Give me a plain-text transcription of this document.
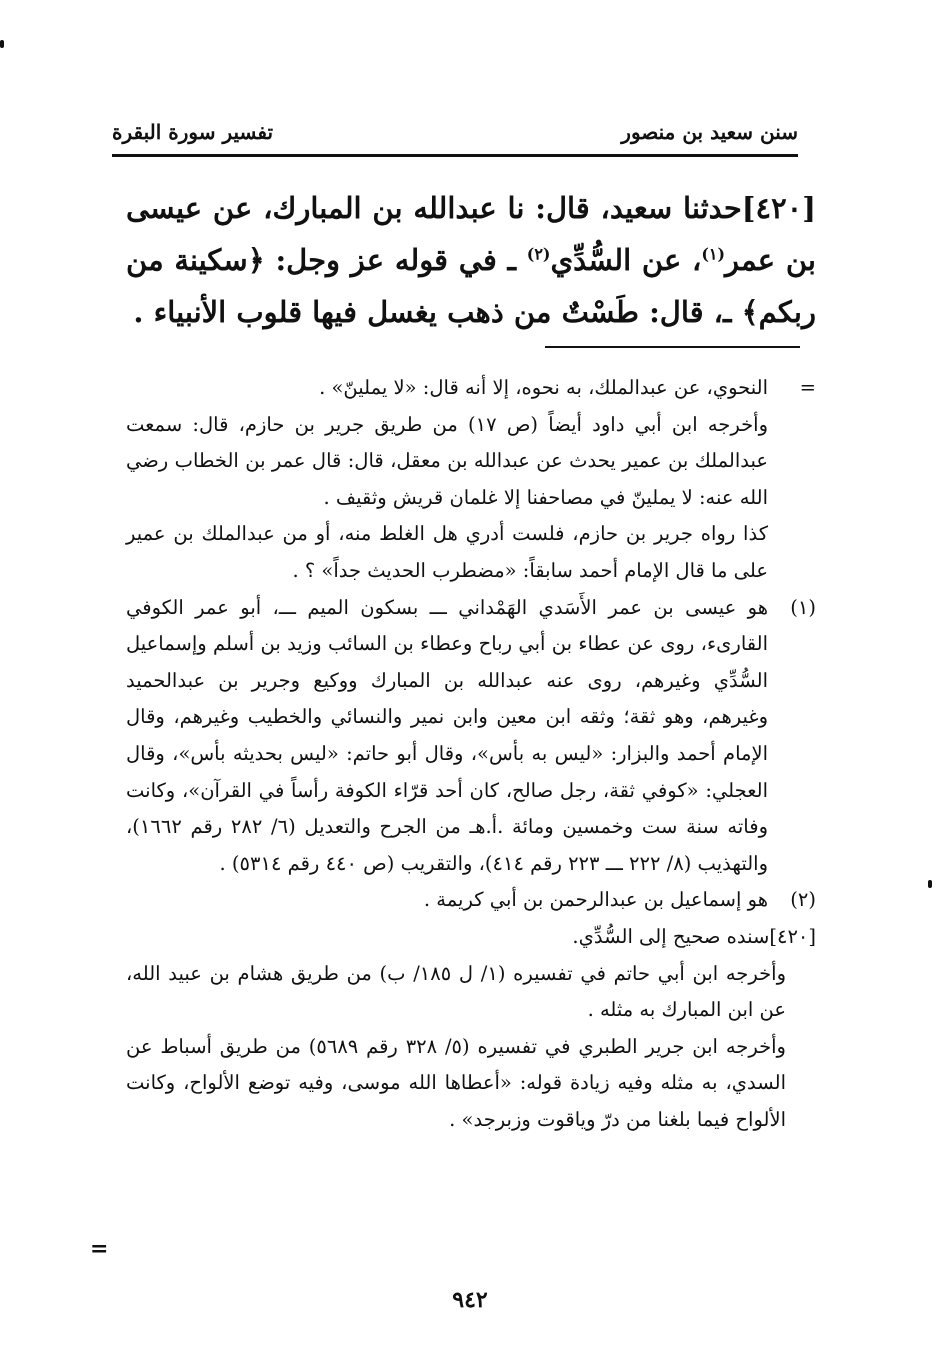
سنن سعيد بن منصور
تفسير سورة البقرة
[٤٢٠]حدثنا سعيد، قال: نا عبدالله بن المبارك، عن عيسى بن عمر$^{(١)}$، عن السُّدِّي$^{(٢)}$ ـ في قوله عز وجل: ﴿سكينة من ربكم﴾ ـ، قال: طَسْتٌ من ذهب يغسل فيها قلوب الأنبياء .
=

النحوي، عن عبدالملك، به نحوه، إلا أنه قال: «لا يملينّ» .

وأخرجه ابن أبي داود أيضاً (ص ١٧) من طريق جرير بن حازم، قال: سمعت عبدالملك بن عمير يحدث عن عبدالله بن معقل، قال: قال عمر بن الخطاب رضي الله عنه: لا يملينّ في مصاحفنا إلا غلمان قريش وثقيف .

كذا رواه جرير بن حازم، فلست أدري هل الغلط منه، أو من عبدالملك بن عمير على ما قال الإمام أحمد سابقاً: «مضطرب الحديث جداً» ؟ .

(١)

هو عيسى بن عمر الأَسَدي الهَمْداني ـــ بسكون الميم ـــ، أبو عمر الكوفي القارىء، روى عن عطاء بن أبي رباح وعطاء بن السائب وزيد بن أسلم وإسماعيل السُّدِّي وغيرهم، روى عنه عبدالله بن المبارك ووكيع وجرير بن عبدالحميد وغيرهم، وهو ثقة؛ وثقه ابن معين وابن نمير والنسائي والخطيب وغيرهم، وقال الإمام أحمد والبزار: «ليس به بأس»، وقال أبو حاتم: «ليس بحديثه بأس»، وقال العجلي: «كوفي ثقة، رجل صالح، كان أحد قرّاء الكوفة رأساً في القرآن»، وكانت وفاته سنة ست وخمسين ومائة .أ.هـ من الجرح والتعديل (٦/ ٢٨٢ رقم ١٦٦٢)، والتهذيب (٨/ ٢٢٢ ـــ ٢٢٣ رقم ٤١٤)، والتقريب (ص ٤٤٠ رقم ٥٣١٤) .

(٢)

هو إسماعيل بن عبدالرحمن بن أبي كريمة .

[٤٢٠]سنده صحيح إلى السُّدِّي.

وأخرجه ابن أبي حاتم في تفسيره (١/ ل ١٨٥/ ب) من طريق هشام بن عبيد الله، عن ابن المبارك به مثله .

وأخرجه ابن جرير الطبري في تفسيره (٥/ ٣٢٨ رقم ٥٦٨٩) من طريق أسباط عن السدي، به مثله وفيه زيادة قوله: «أعطاها الله موسى، وفيه توضع الألواح، وكانت الألواح فيما بلغنا من درّ وياقوت وزبرجد» .

=
٩٤٢
